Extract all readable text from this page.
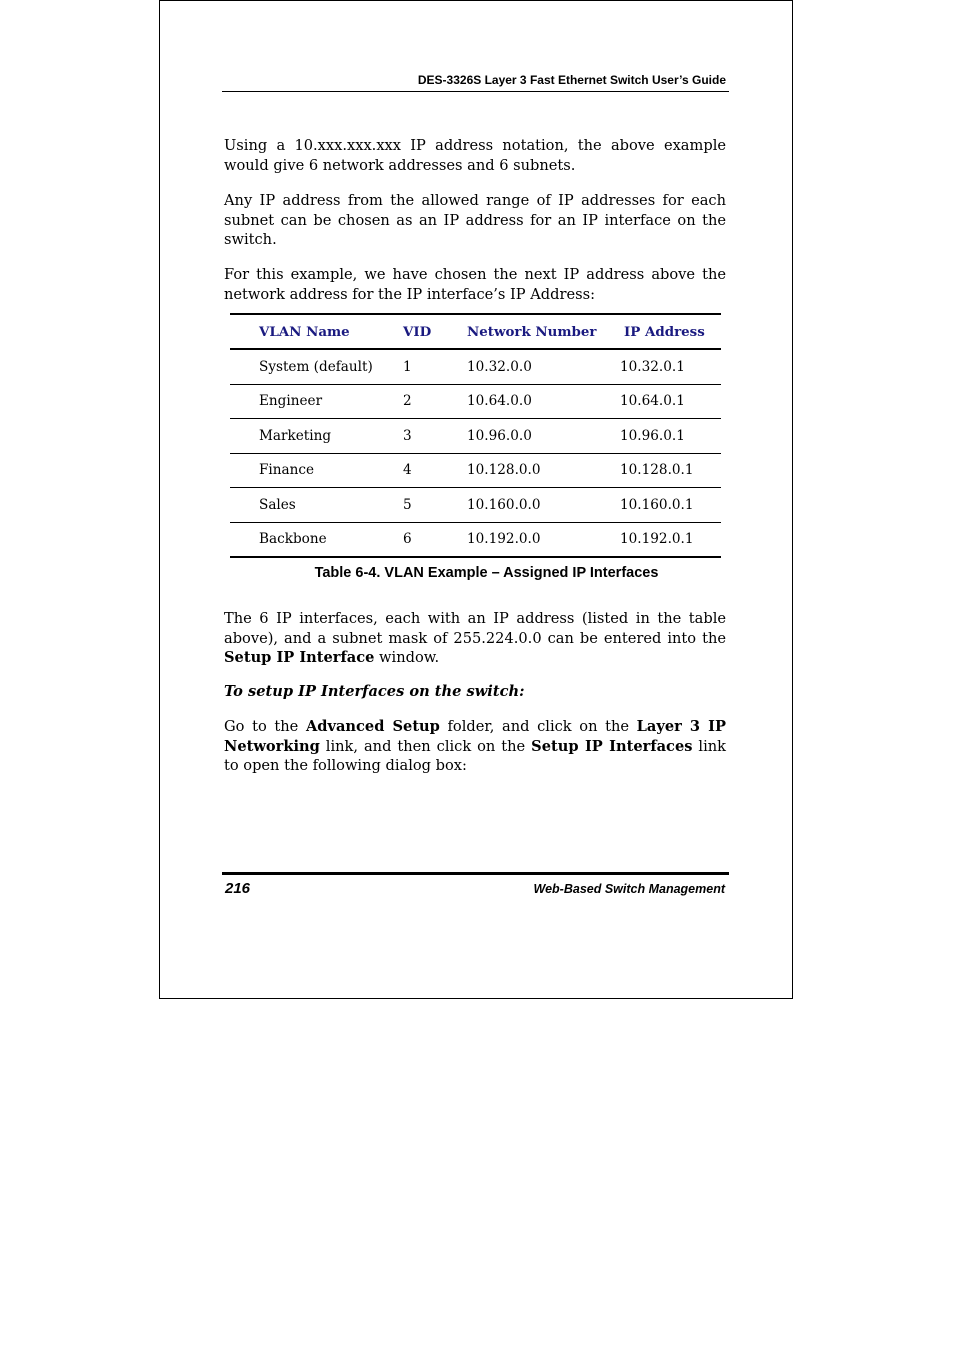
DES-3326S Layer 3 Fast Ethernet Switch User’s Guide

Using a 10.xxx.xxx.xxx IP address notation, the above example would give 6 network addresses and 6 subnets.

Any IP address from the allowed range of IP addresses for each subnet can be chosen as an IP address for an IP interface on the switch.

For this example, we have chosen the next IP address above the network address for the IP interface’s IP Address:

VLAN Name	VID	Network Number	IP Address
System (default)	1	10.32.0.0	10.32.0.1
Engineer	2	10.64.0.0	10.64.0.1
Marketing	3	10.96.0.0	10.96.0.1
Finance	4	10.128.0.0	10.128.0.1
Sales	5	10.160.0.0	10.160.0.1
Backbone	6	10.192.0.0	10.192.0.1
Table 6-4. VLAN Example – Assigned IP Interfaces

The 6 IP interfaces, each with an IP address (listed in the table above), and a subnet mask of 255.224.0.0 can be entered into the Setup IP Interface window.

To setup IP Interfaces on the switch:

Go to the Advanced Setup folder, and click on the Layer 3 IP Networking link, and then click on the Setup IP Interfaces link to open the following dialog box:

216	Web-Based Switch Management
